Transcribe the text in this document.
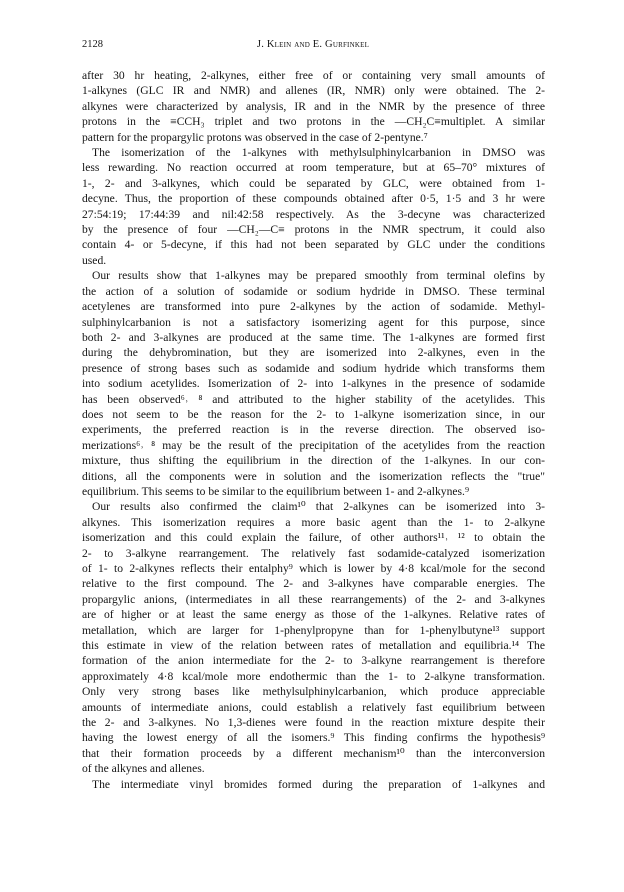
2128	J. Klein and E. Gurfinkel

after 30 hr heating, 2-alkynes, either free of or containing very small amounts of
1-alkynes (GLC IR and NMR) and allenes (IR, NMR) only were obtained. The 2-
alkynes were characterized by analysis, IR and in the NMR by the presence of three
protons in the ≡CCH₃ triplet and two protons in the —CH₂C≡multiplet. A similar
pattern for the propargylic protons was observed in the case of 2-pentyne.⁷

The isomerization of the 1-alkynes with methylsulphinylcarbanion in DMSO was
less rewarding. No reaction occurred at room temperature, but at 65–70° mixtures of
1-, 2- and 3-alkynes, which could be separated by GLC, were obtained from 1-
decyne. Thus, the proportion of these compounds obtained after 0·5, 1·5 and 3 hr were
27:54:19; 17:44:39 and nil:42:58 respectively. As the 3-decyne was characterized
by the presence of four —CH₂—C≡ protons in the NMR spectrum, it could also
contain 4- or 5-decyne, if this had not been separated by GLC under the conditions
used.

Our results show that 1-alkynes may be prepared smoothly from terminal olefins by
the action of a solution of sodamide or sodium hydride in DMSO. These terminal
acetylenes are transformed into pure 2-alkynes by the action of sodamide. Methyl-
sulphinylcarbanion is not a satisfactory isomerizing agent for this purpose, since
both 2- and 3-alkynes are produced at the same time. The 1-alkynes are formed first
during the dehybromination, but they are isomerized into 2-alkynes, even in the
presence of strong bases such as sodamide and sodium hydride which transforms them
into sodium acetylides. Isomerization of 2- into 1-alkynes in the presence of sodamide
has been observed⁶˒ ⁸ and attributed to the higher stability of the acetylides. This
does not seem to be the reason for the 2- to 1-alkyne isomerization since, in our
experiments, the preferred reaction is in the reverse direction. The observed iso-
merizations⁶˒ ⁸ may be the result of the precipitation of the acetylides from the reaction
mixture, thus shifting the equilibrium in the direction of the 1-alkynes. In our con-
ditions, all the components were in solution and the isomerization reflects the "true"
equilibrium. This seems to be similar to the equilibrium between 1- and 2-alkynes.⁹

Our results also confirmed the claim¹⁰ that 2-alkynes can be isomerized into 3-
alkynes. This isomerization requires a more basic agent than the 1- to 2-alkyne
isomerization and this could explain the failure, of other authors¹¹˒ ¹² to obtain the
2- to 3-alkyne rearrangement. The relatively fast sodamide-catalyzed isomerization
of 1- to 2-alkynes reflects their entalphy⁹ which is lower by 4·8 kcal/mole for the second
relative to the first compound. The 2- and 3-alkynes have comparable energies. The
propargylic anions, (intermediates in all these rearrangements) of the 2- and 3-alkynes
are of higher or at least the same energy as those of the 1-alkynes. Relative rates of
metallation, which are larger for 1-phenylpropyne than for 1-phenylbutyne¹³ support
this estimate in view of the relation between rates of metallation and equilibria.¹⁴ The
formation of the anion intermediate for the 2- to 3-alkyne rearrangement is therefore
approximately 4·8 kcal/mole more endothermic than the 1- to 2-alkyne transformation.
Only very strong bases like methylsulphinylcarbanion, which produce appreciable
amounts of intermediate anions, could establish a relatively fast equilibrium between
the 2- and 3-alkynes. No 1,3-dienes were found in the reaction mixture despite their
having the lowest energy of all the isomers.⁹ This finding confirms the hypothesis⁹
that their formation proceeds by a different mechanism¹⁰ than the interconversion
of the alkynes and allenes.

The intermediate vinyl bromides formed during the preparation of 1-alkynes and
